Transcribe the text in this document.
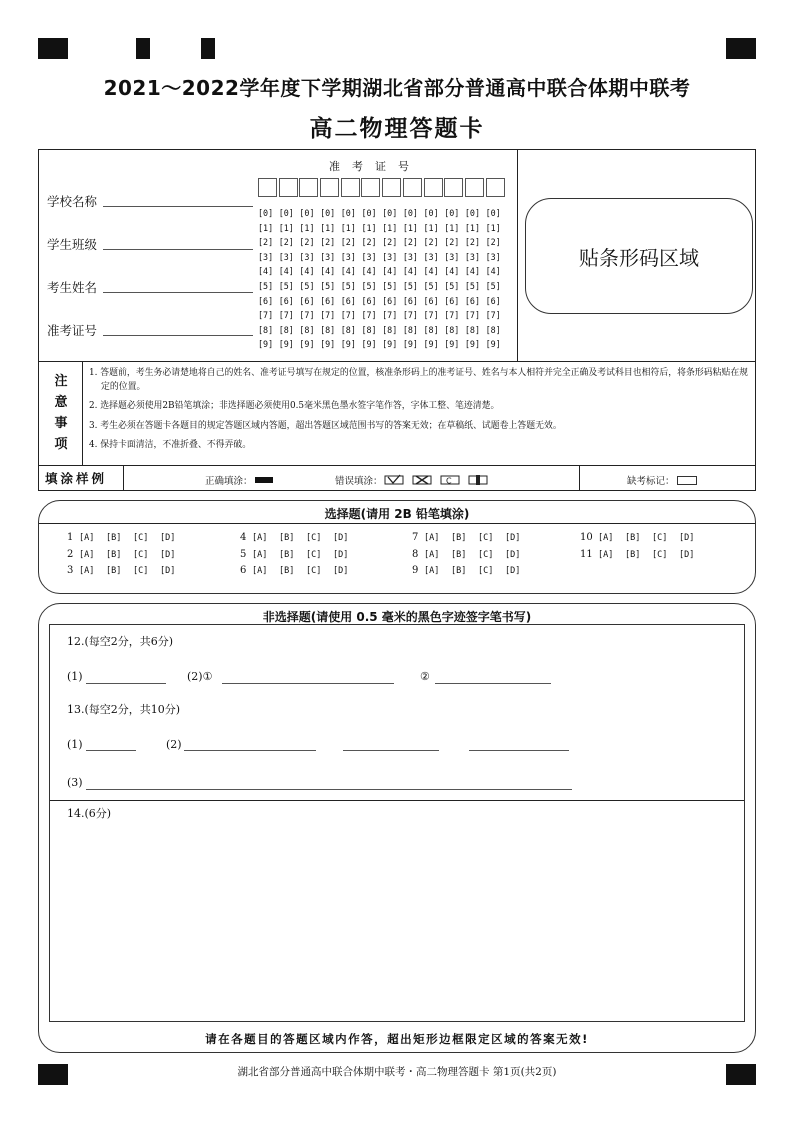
2021～2022学年度下学期湖北省部分普通高中联合体期中联考
高二物理答题卡
学校名称
学生班级
考生姓名
准考证号
准考证号
[0] [0] [0] [0] [0] [0] [0] [0] [0] [0] [0] [0]
[1] [1] [1] [1] [1] [1] [1] [1] [1] [1] [1] [1]
[2] [2] [2] [2] [2] [2] [2] [2] [2] [2] [2] [2]
[3] [3] [3] [3] [3] [3] [3] [3] [3] [3] [3] [3]
[4] [4] [4] [4] [4] [4] [4] [4] [4] [4] [4] [4]
[5] [5] [5] [5] [5] [5] [5] [5] [5] [5] [5] [5]
[6] [6] [6] [6] [6] [6] [6] [6] [6] [6] [6] [6]
[7] [7] [7] [7] [7] [7] [7] [7] [7] [7] [7] [7]
[8] [8] [8] [8] [8] [8] [8] [8] [8] [8] [8] [8]
[9] [9] [9] [9] [9] [9] [9] [9] [9] [9] [9] [9]
贴条形码区域
注
意
事
项
1. 答题前，考生务必请楚地将自己的姓名、准考证号填写在规定的位置，核准条形码上的准考证号、姓名与本人相符并完全正确及考试科目也相符后，将条形码粘贴在规定的位置。
2. 选择题必须使用2B铅笔填涂；非选择题必须使用0.5毫米黑色墨水签字笔作答，字体工整、笔迹清楚。
3. 考生必须在答题卡各题目的规定答题区域内答题，超出答题区域范围书写的答案无效；在草稿纸、试题卷上答题无效。
4. 保持卡面清洁，不准折叠、不得弄破。
填涂样例	正确填涂：	错误填涂：	C	缺考标记：
选择题(请用 2B 铅笔填涂)
1 [A] [B] [C] [D]
2 [A] [B] [C] [D]
3 [A] [B] [C] [D]
4 [A] [B] [C] [D]
5 [A] [B] [C] [D]
6 [A] [B] [C] [D]
7 [A] [B] [C] [D]
8 [A] [B] [C] [D]
9 [A] [B] [C] [D]
10 [A] [B] [C] [D]
11 [A] [B] [C] [D]
非选择题(请使用 0.5 毫米的黑色字迹签字笔书写)
12.(每空2分，共6分)
(1)	(2)①	②
13.(每空2分，共10分)
(1)	(2)
(3)
14.(6分)
请在各题目的答题区域内作答，超出矩形边框限定区域的答案无效!
湖北省部分普通高中联合体期中联考・高二物理答题卡 第1页(共2页)
